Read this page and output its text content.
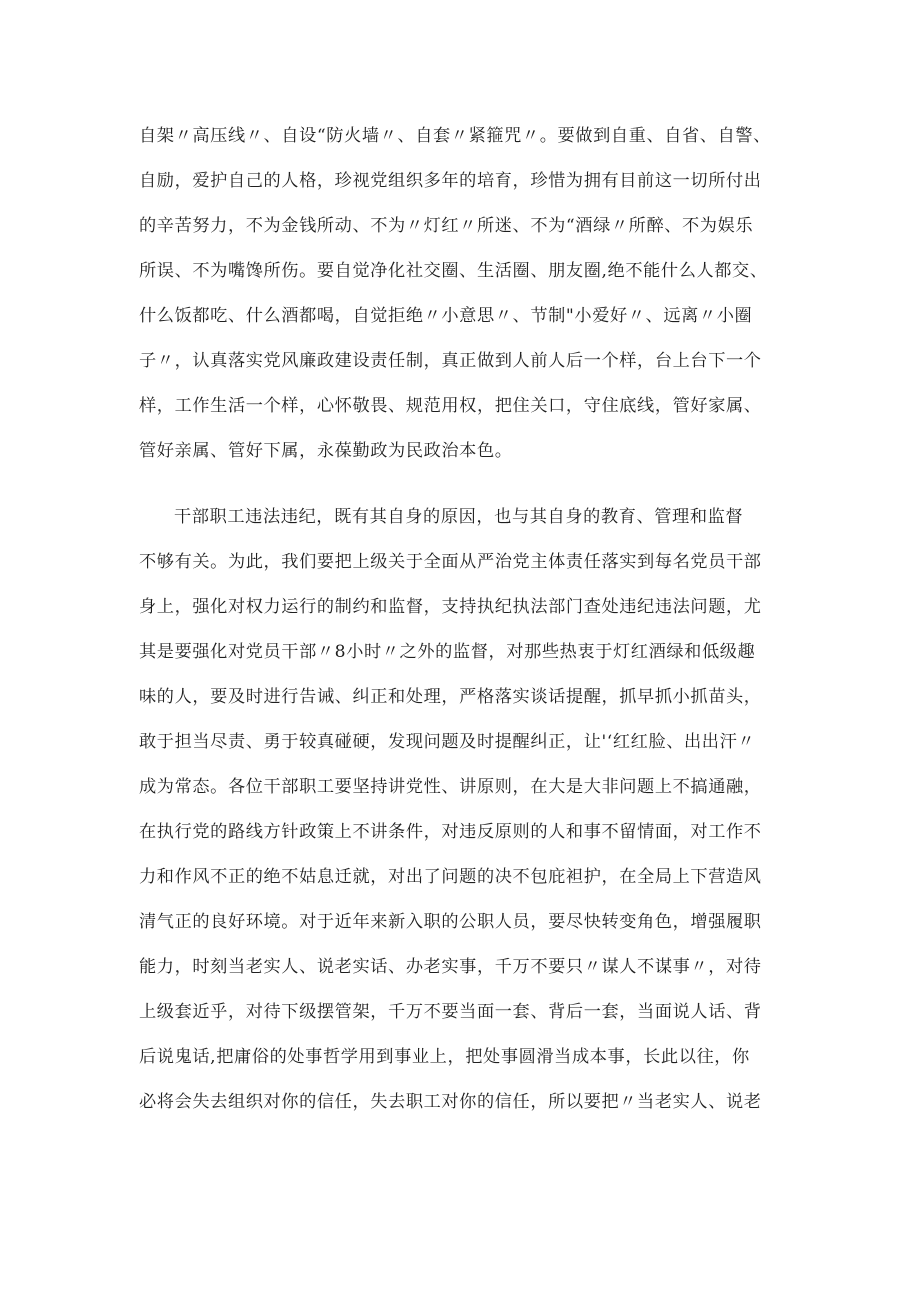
自架〃高压线〃、自设“防火墙〃、自套〃紧箍咒〃。要做到自重、自省、自警、
自励，爱护自己的人格，珍视党组织多年的培育，珍惜为拥有目前这一切所付出
的辛苦努力，不为金钱所动、不为〃灯红〃所迷、不为“酒绿〃所醉、不为娱乐
所误、不为嘴馋所伤。要自觉净化社交圈、生活圈、朋友圈,绝不能什么人都交、
什么饭都吃、什么酒都喝，自觉拒绝〃小意思〃、节制"小爱好〃、远离〃小圈
子〃，认真落实党风廉政建设责任制，真正做到人前人后一个样，台上台下一个
样，工作生活一个样，心怀敬畏、规范用权，把住关口，守住底线，管好家属、
管好亲属、管好下属，永葆勤政为民政治本色。
干部职工违法违纪，既有其自身的原因，也与其自身的教育、管理和监督
不够有关。为此，我们要把上级关于全面从严治党主体责任落实到每名党员干部
身上，强化对权力运行的制约和监督，支持执纪执法部门查处违纪违法问题，尤
其是要强化对党员干部〃8小时〃之外的监督，对那些热衷于灯红酒绿和低级趣
味的人，要及时进行告诫、纠正和处理，严格落实谈话提醒，抓早抓小抓苗头，
敢于担当尽责、勇于较真碰硬，发现问题及时提醒纠正，让'‘红红脸、出出汗〃
成为常态。各位干部职工要坚持讲党性、讲原则，在大是大非问题上不搞通融，
在执行党的路线方针政策上不讲条件，对违反原则的人和事不留情面，对工作不
力和作风不正的绝不姑息迁就，对出了问题的决不包庇袒护，在全局上下营造风
清气正的良好环境。对于近年来新入职的公职人员，要尽快转变角色，增强履职
能力，时刻当老实人、说老实话、办老实事，千万不要只〃谋人不谋事〃，对待
上级套近乎，对待下级摆管架，千万不要当面一套、背后一套，当面说人话、背
后说鬼话,把庸俗的处事哲学用到事业上，把处事圆滑当成本事，长此以往，你
必将会失去组织对你的信任，失去职工对你的信任，所以要把〃当老实人、说老
